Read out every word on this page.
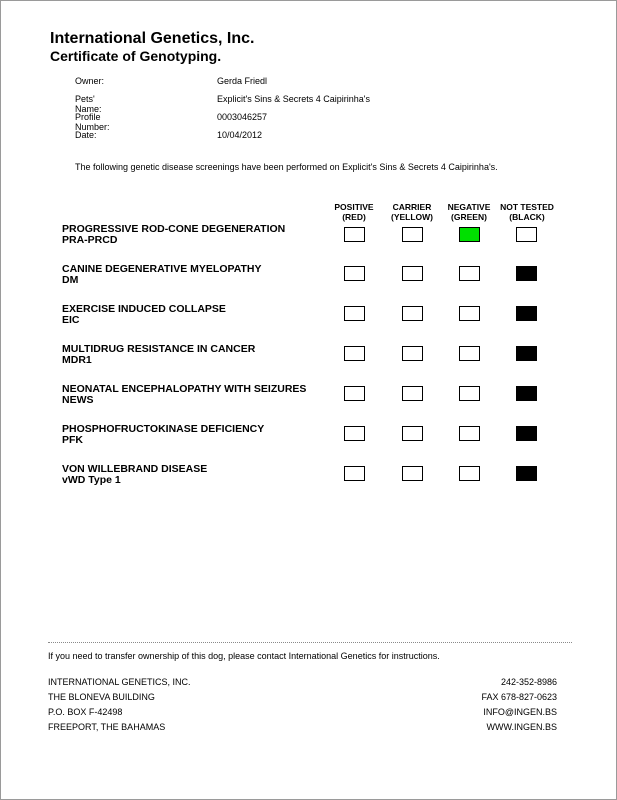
International Genetics, Inc.
Certificate of Genotyping.
Owner:	Gerda Friedl
Pets' Name:
Explicit's Sins & Secrets 4 Caipirinha's
Profile Number:
0003046257
Date:	10/04/2012
The following genetic disease screenings have been performed on Explicit's Sins & Secrets 4 Caipirinha's.
POSITIVE
(RED)
CARRIER
(YELLOW)
NEGATIVE
(GREEN)
NOT TESTED
(BLACK)
PROGRESSIVE ROD-CONE DEGENERATION
PRA-PRCD
CANINE DEGENERATIVE MYELOPATHY
DM
EXERCISE INDUCED COLLAPSE
EIC
MULTIDRUG RESISTANCE IN CANCER
MDR1
NEONATAL ENCEPHALOPATHY WITH SEIZURES
NEWS
PHOSPHOFRUCTOKINASE DEFICIENCY
PFK
VON WILLEBRAND DISEASE
vWD Type 1
If you need to transfer ownership of this dog, please contact International Genetics for instructions.
INTERNATIONAL GENETICS, INC.
THE BLONEVA BUILDING
P.O. BOX F-42498
FREEPORT, THE BAHAMAS
242-352-8986
FAX 678-827-0623
INFO@INGEN.BS
WWW.INGEN.BS
